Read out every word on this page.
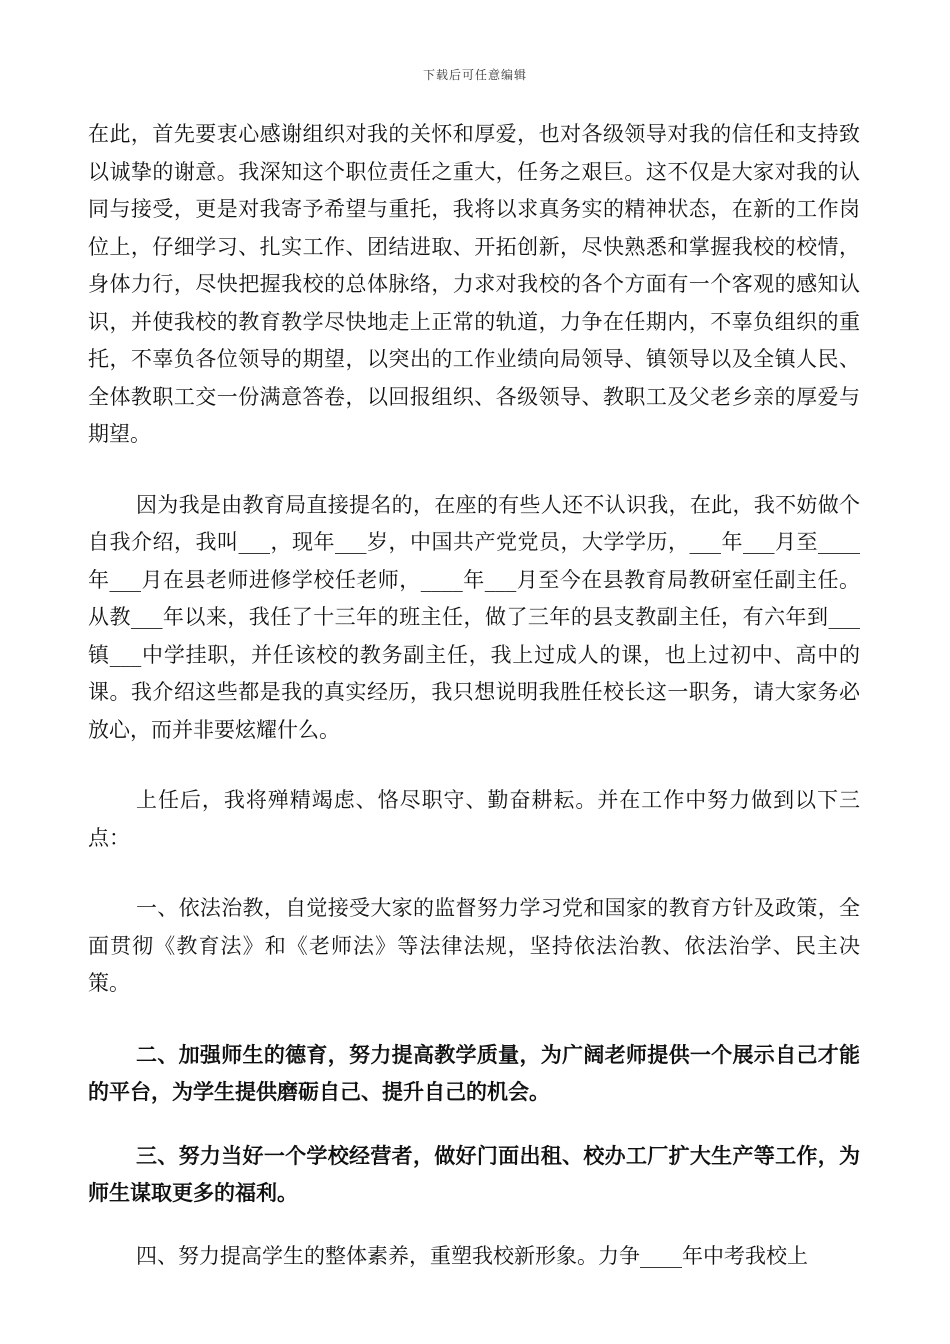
下载后可任意编辑

在此，首先要衷心感谢组织对我的关怀和厚爱，也对各级领导对我的信任和支持致以诚挚的谢意。我深知这个职位责任之重大，任务之艰巨。这不仅是大家对我的认同与接受，更是对我寄予希望与重托，我将以求真务实的精神状态，在新的工作岗位上，仔细学习、扎实工作、团结进取、开拓创新，尽快熟悉和掌握我校的校情，身体力行，尽快把握我校的总体脉络，力求对我校的各个方面有一个客观的感知认识，并使我校的教育教学尽快地走上正常的轨道，力争在任期内，不辜负组织的重托，不辜负各位领导的期望，以突出的工作业绩向局领导、镇领导以及全镇人民、全体教职工交一份满意答卷，以回报组织、各级领导、教职工及父老乡亲的厚爱与期望。

因为我是由教育局直接提名的，在座的有些人还不认识我，在此，我不妨做个自我介绍，我叫___，现年___岁，中国共产党党员，大学学历，___年___月至____年___月在县老师进修学校任老师，____年___月至今在县教育局教研室任副主任。从教___年以来，我任了十三年的班主任，做了三年的县支教副主任，有六年到___镇___中学挂职，并任该校的教务副主任，我上过成人的课，也上过初中、高中的课。我介绍这些都是我的真实经历，我只想说明我胜任校长这一职务，请大家务必放心，而并非要炫耀什么。

上任后，我将殚精竭虑、恪尽职守、勤奋耕耘。并在工作中努力做到以下三点：

一、依法治教，自觉接受大家的监督努力学习党和国家的教育方针及政策，全面贯彻《教育法》和《老师法》等法律法规，坚持依法治教、依法治学、民主决策。

二、加强师生的德育，努力提高教学质量，为广阔老师提供一个展示自己才能的平台，为学生提供磨砺自己、提升自己的机会。

三、努力当好一个学校经营者，做好门面出租、校办工厂扩大生产等工作，为师生谋取更多的福利。

四、努力提高学生的整体素养，重塑我校新形象。力争____年中考我校上
